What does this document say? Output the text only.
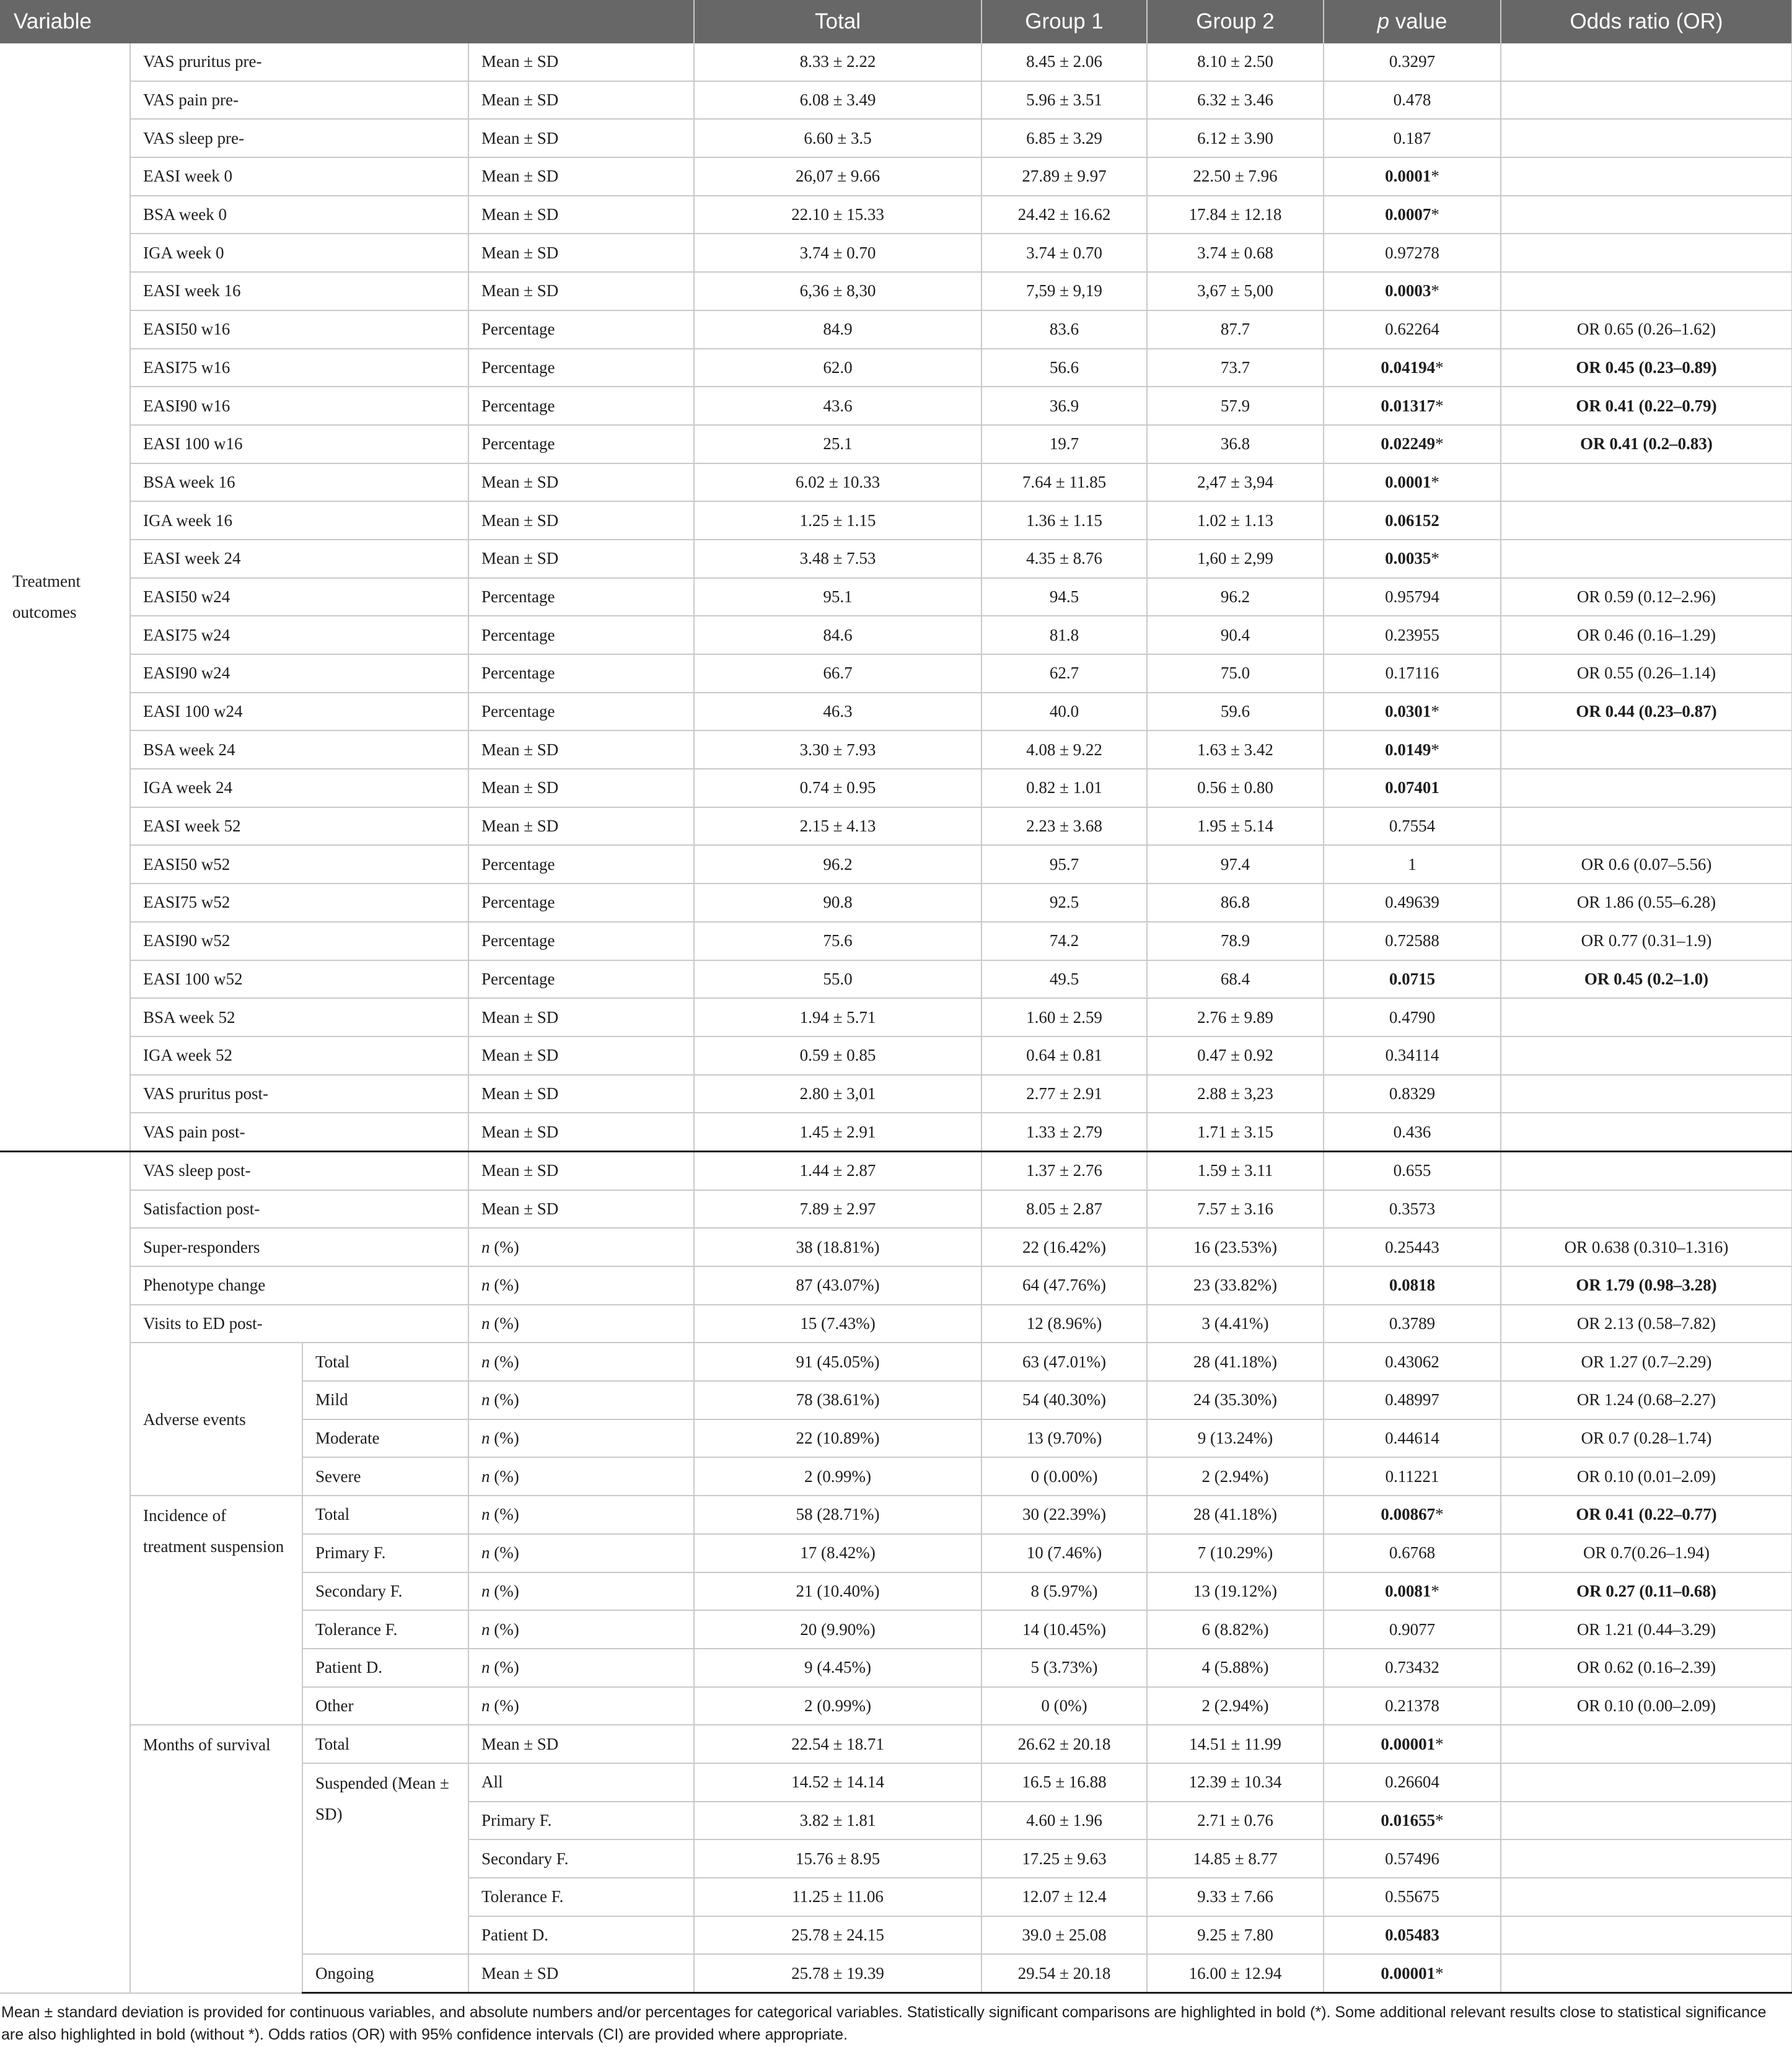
Variable				Total	Group 1	Group 2	p value	Odds ratio (OR)
Treatment outcomes	VAS pruritus pre-		Mean ± SD	8.33 ± 2.22	8.45 ± 2.06	8.10 ± 2.50	0.3297	
	VAS pain pre-		Mean ± SD	6.08 ± 3.49	5.96 ± 3.51	6.32 ± 3.46	0.478	
	VAS sleep pre-		Mean ± SD	6.60 ± 3.5	6.85 ± 3.29	6.12 ± 3.90	0.187	
	EASI week 0		Mean ± SD	26,07 ± 9.66	27.89 ± 9.97	22.50 ± 7.96	0.0001*	
	BSA week 0		Mean ± SD	22.10 ± 15.33	24.42 ± 16.62	17.84 ± 12.18	0.0007*	
	IGA week 0		Mean ± SD	3.74 ± 0.70	3.74 ± 0.70	3.74 ± 0.68	0.97278	
	EASI week 16		Mean ± SD	6,36 ± 8,30	7,59 ± 9,19	3,67 ± 5,00	0.0003*	
	EASI50 w16		Percentage	84.9	83.6	87.7	0.62264	OR 0.65 (0.26–1.62)
	EASI75 w16		Percentage	62.0	56.6	73.7	0.04194*	OR 0.45 (0.23–0.89)
	EASI90 w16		Percentage	43.6	36.9	57.9	0.01317*	OR 0.41 (0.22–0.79)
	EASI 100 w16		Percentage	25.1	19.7	36.8	0.02249*	OR 0.41 (0.2–0.83)
	BSA week 16		Mean ± SD	6.02 ± 10.33	7.64 ± 11.85	2,47 ± 3,94	0.0001*	
	IGA week 16		Mean ± SD	1.25 ± 1.15	1.36 ± 1.15	1.02 ± 1.13	0.06152	
	EASI week 24		Mean ± SD	3.48 ± 7.53	4.35 ± 8.76	1,60 ± 2,99	0.0035*	
	EASI50 w24		Percentage	95.1	94.5	96.2	0.95794	OR 0.59 (0.12–2.96)
	EASI75 w24		Percentage	84.6	81.8	90.4	0.23955	OR 0.46 (0.16–1.29)
	EASI90 w24		Percentage	66.7	62.7	75.0	0.17116	OR 0.55 (0.26–1.14)
	EASI 100 w24		Percentage	46.3	40.0	59.6	0.0301*	OR 0.44 (0.23–0.87)
	BSA week 24		Mean ± SD	3.30 ± 7.93	4.08 ± 9.22	1.63 ± 3.42	0.0149*	
	IGA week 24		Mean ± SD	0.74 ± 0.95	0.82 ± 1.01	0.56 ± 0.80	0.07401	
	EASI week 52		Mean ± SD	2.15 ± 4.13	2.23 ± 3.68	1.95 ± 5.14	0.7554	
	EASI50 w52		Percentage	96.2	95.7	97.4	1	OR 0.6 (0.07–5.56)
	EASI75 w52		Percentage	90.8	92.5	86.8	0.49639	OR 1.86 (0.55–6.28)
	EASI90 w52		Percentage	75.6	74.2	78.9	0.72588	OR 0.77 (0.31–1.9)
	EASI 100 w52		Percentage	55.0	49.5	68.4	0.0715	OR 0.45 (0.2–1.0)
	BSA week 52		Mean ± SD	1.94 ± 5.71	1.60 ± 2.59	2.76 ± 9.89	0.4790	
	IGA week 52		Mean ± SD	0.59 ± 0.85	0.64 ± 0.81	0.47 ± 0.92	0.34114	
	VAS pruritus post-		Mean ± SD	2.80 ± 3,01	2.77 ± 2.91	2.88 ± 3,23	0.8329	
	VAS pain post-		Mean ± SD	1.45 ± 2.91	1.33 ± 2.79	1.71 ± 3.15	0.436	
	VAS sleep post-		Mean ± SD	1.44 ± 2.87	1.37 ± 2.76	1.59 ± 3.11	0.655	
	Satisfaction post-		Mean ± SD	7.89 ± 2.97	8.05 ± 2.87	7.57 ± 3.16	0.3573	
	Super-responders		n (%)	38 (18.81%)	22 (16.42%)	16 (23.53%)	0.25443	OR 0.638 (0.310–1.316)
	Phenotype change		n (%)	87 (43.07%)	64 (47.76%)	23 (33.82%)	0.0818	OR 1.79 (0.98–3.28)
	Visits to ED post-		n (%)	15 (7.43%)	12 (8.96%)	3 (4.41%)	0.3789	OR 2.13 (0.58–7.82)
	Adverse events	Total	n (%)	91 (45.05%)	63 (47.01%)	28 (41.18%)	0.43062	OR 1.27 (0.7–2.29)
		Mild	n (%)	78 (38.61%)	54 (40.30%)	24 (35.30%)	0.48997	OR 1.24 (0.68–2.27)
		Moderate	n (%)	22 (10.89%)	13 (9.70%)	9 (13.24%)	0.44614	OR 0.7 (0.28–1.74)
		Severe	n (%)	2 (0.99%)	0 (0.00%)	2 (2.94%)	0.11221	OR 0.10 (0.01–2.09)
	Incidence of treatment suspension	Total	n (%)	58 (28.71%)	30 (22.39%)	28 (41.18%)	0.00867*	OR 0.41 (0.22–0.77)
		Primary F.	n (%)	17 (8.42%)	10 (7.46%)	7 (10.29%)	0.6768	OR 0.7(0.26–1.94)
		Secondary F.	n (%)	21 (10.40%)	8 (5.97%)	13 (19.12%)	0.0081*	OR 0.27 (0.11–0.68)
		Tolerance F.	n (%)	20 (9.90%)	14 (10.45%)	6 (8.82%)	0.9077	OR 1.21 (0.44–3.29)
		Patient D.	n (%)	9 (4.45%)	5 (3.73%)	4 (5.88%)	0.73432	OR 0.62 (0.16–2.39)
		Other	n (%)	2 (0.99%)	0 (0%)	2 (2.94%)	0.21378	OR 0.10 (0.00–2.09)
	Months of survival	Total	Mean ± SD	22.54 ± 18.71	26.62 ± 20.18	14.51 ± 11.99	0.00001*	
		Suspended (Mean ± SD)	All	14.52 ± 14.14	16.5 ± 16.88	12.39 ± 10.34	0.26604	
			Primary F.	3.82 ± 1.81	4.60 ± 1.96	2.71 ± 0.76	0.01655*	
			Secondary F.	15.76 ± 8.95	17.25 ± 9.63	14.85 ± 8.77	0.57496	
			Tolerance F.	11.25 ± 11.06	12.07 ± 12.4	9.33 ± 7.66	0.55675	
			Patient D.	25.78 ± 24.15	39.0 ± 25.08	9.25 ± 7.80	0.05483	
		Ongoing	Mean ± SD	25.78 ± 19.39	29.54 ± 20.18	16.00 ± 12.94	0.00001*	
Mean ± standard deviation is provided for continuous variables, and absolute numbers and/or percentages for categorical variables. Statistically significant comparisons are highlighted in bold (*). Some additional relevant results close to statistical significance are also highlighted in bold (without *). Odds ratios (OR) with 95% confidence intervals (CI) are provided where appropriate.
